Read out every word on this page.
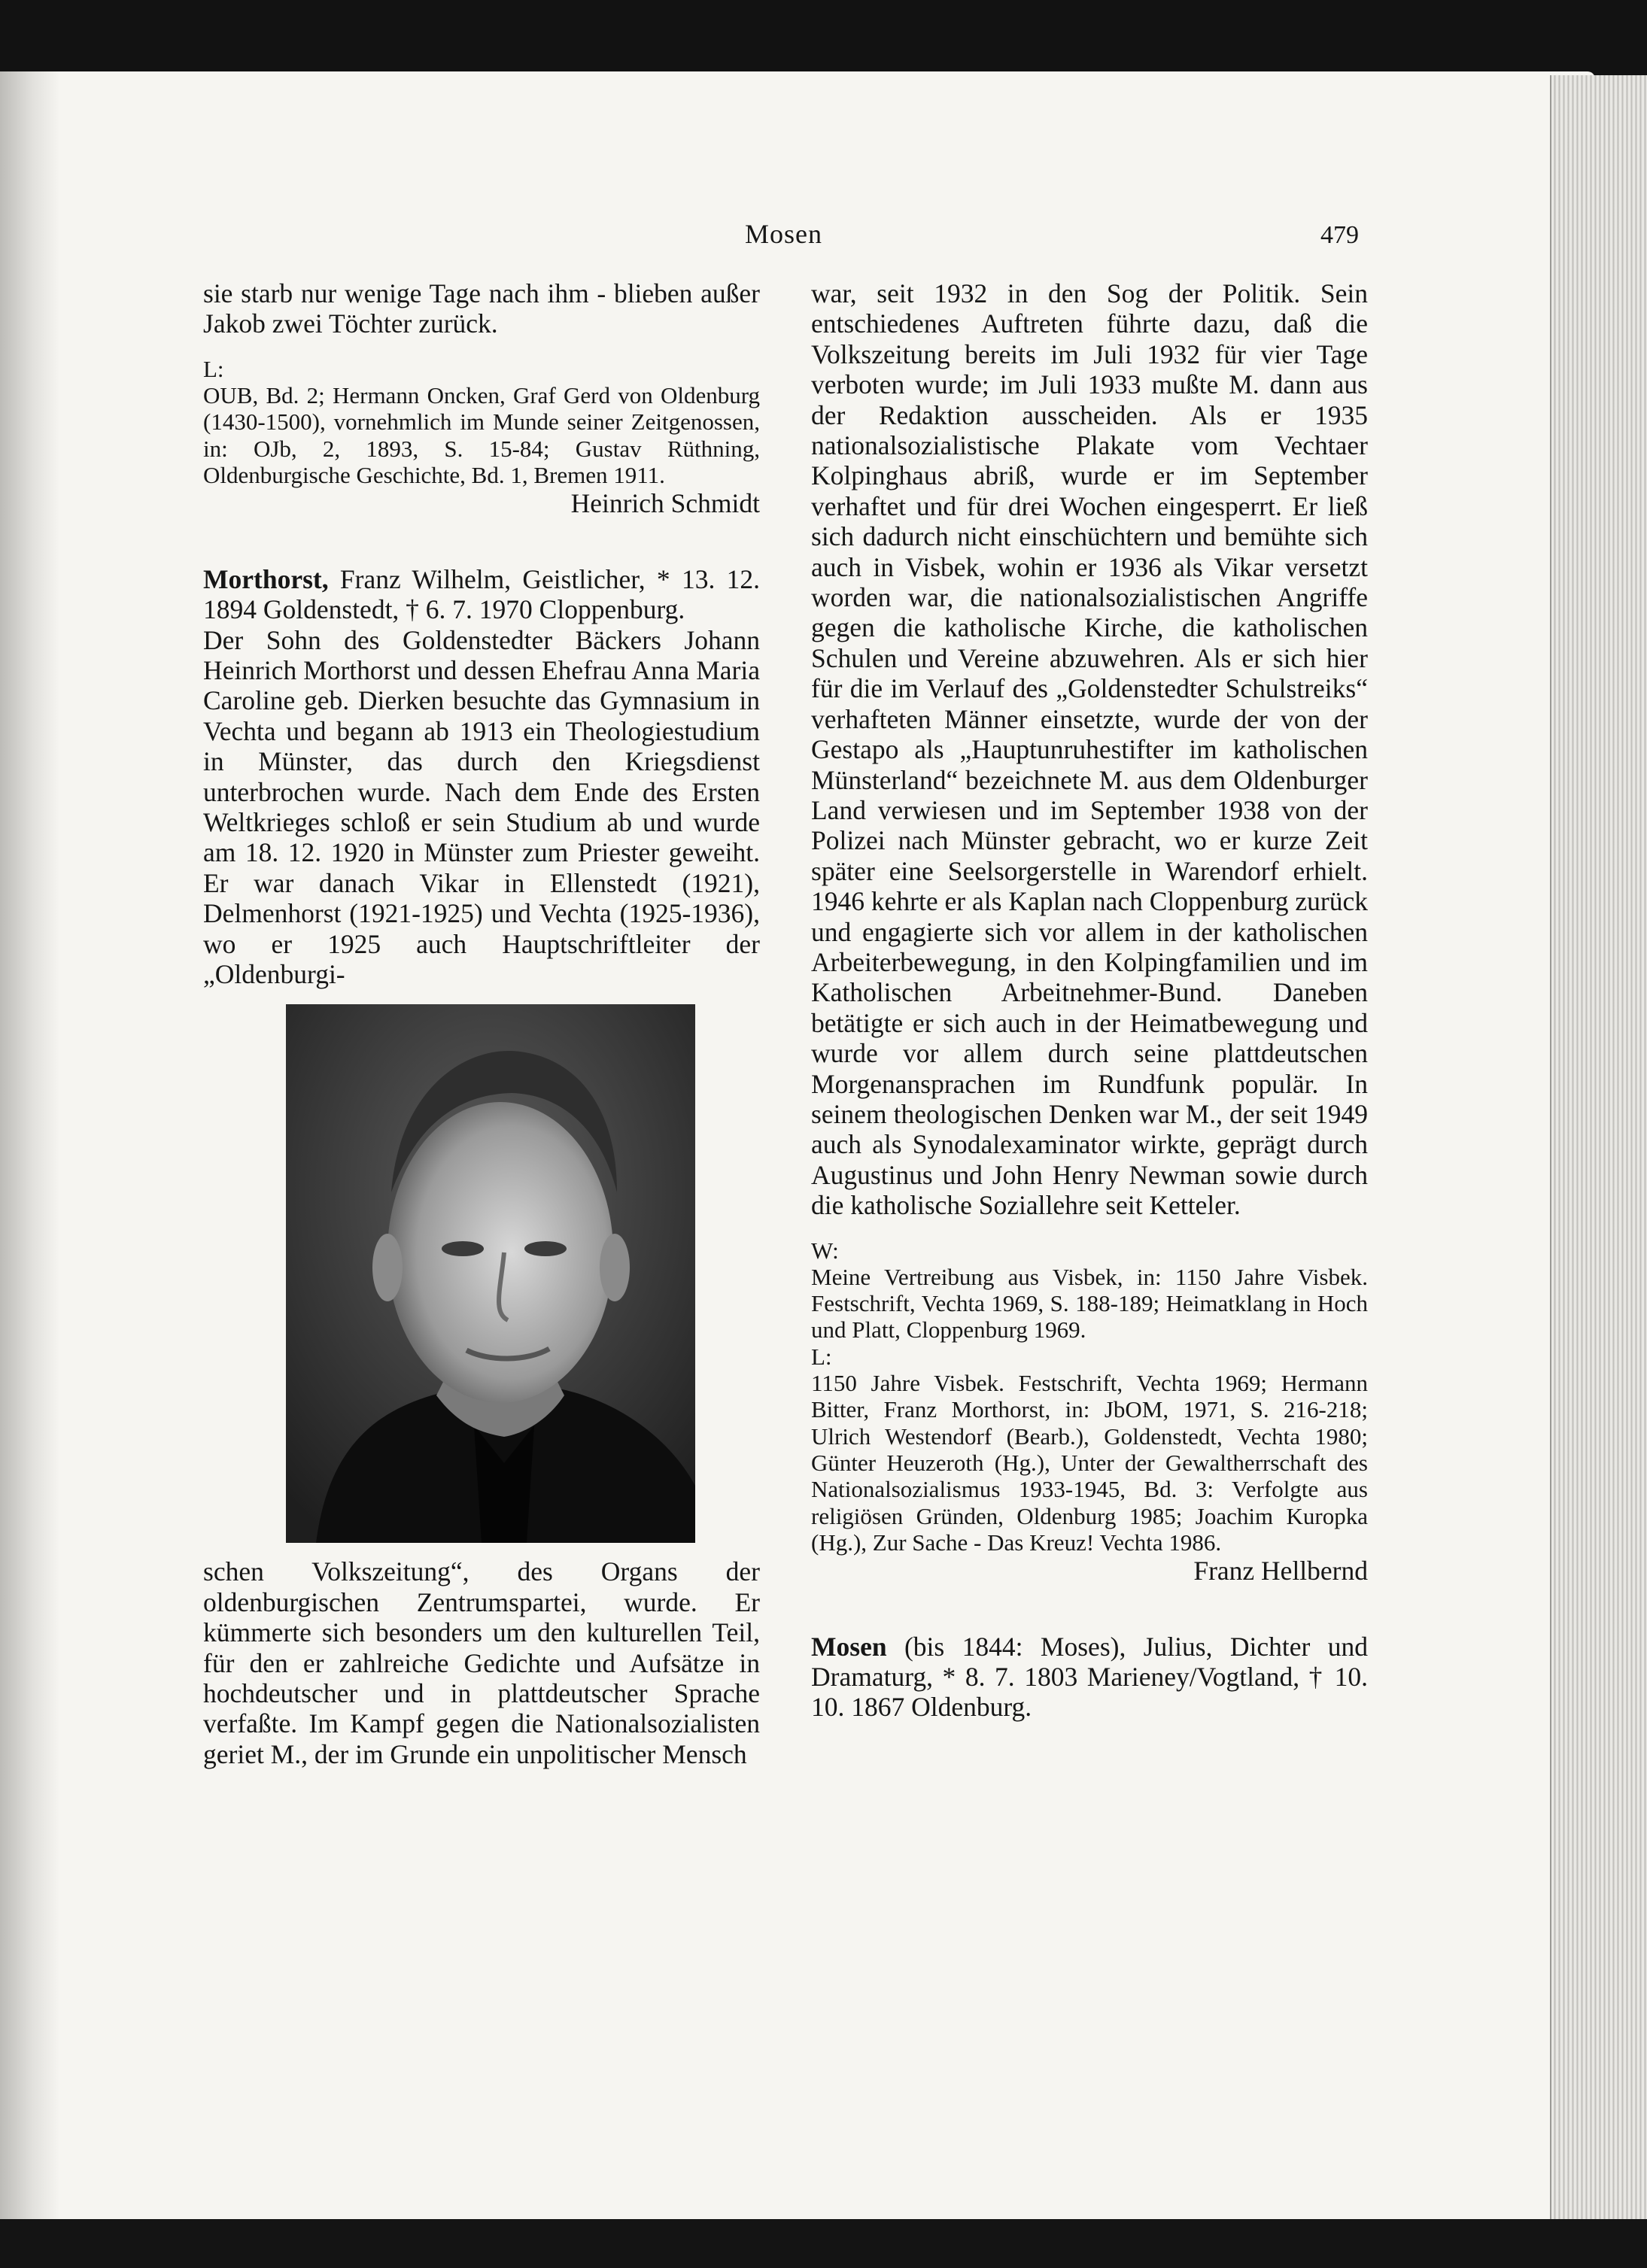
Mosen	479

sie starb nur wenige Tage nach ihm - blieben außer Jakob zwei Töchter zurück.

L:

OUB, Bd. 2; Hermann Oncken, Graf Gerd von Oldenburg (1430-1500), vornehmlich im Munde seiner Zeitgenossen, in: OJb, 2, 1893, S. 15-84; Gustav Rüthning, Oldenburgische Geschichte, Bd. 1, Bremen 1911.

Heinrich Schmidt

Morthorst, Franz Wilhelm, Geistlicher, * 13. 12. 1894 Goldenstedt, † 6. 7. 1970 Cloppenburg.

Der Sohn des Goldenstedter Bäckers Johann Heinrich Morthorst und dessen Ehefrau Anna Maria Caroline geb. Dierken besuchte das Gymnasium in Vechta und begann ab 1913 ein Theologiestudium in Münster, das durch den Kriegsdienst unterbrochen wurde. Nach dem Ende des Ersten Weltkrieges schloß er sein Studium ab und wurde am 18. 12. 1920 in Münster zum Priester geweiht. Er war danach Vikar in Ellenstedt (1921), Delmenhorst (1921-1925) und Vechta (1925-1936), wo er 1925 auch Hauptschriftleiter der „Oldenburgi-

schen Volkszeitung“, des Organs der oldenburgischen Zentrumspartei, wurde. Er kümmerte sich besonders um den kulturellen Teil, für den er zahlreiche Gedichte und Aufsätze in hochdeutscher und in plattdeutscher Sprache verfaßte. Im Kampf gegen die Nationalsozialisten geriet M., der im Grunde ein unpolitischer Mensch

war, seit 1932 in den Sog der Politik. Sein entschiedenes Auftreten führte dazu, daß die Volkszeitung bereits im Juli 1932 für vier Tage verboten wurde; im Juli 1933 mußte M. dann aus der Redaktion ausscheiden. Als er 1935 nationalsozialistische Plakate vom Vechtaer Kolpinghaus abriß, wurde er im September verhaftet und für drei Wochen eingesperrt. Er ließ sich dadurch nicht einschüchtern und bemühte sich auch in Visbek, wohin er 1936 als Vikar versetzt worden war, die nationalsozialistischen Angriffe gegen die katholische Kirche, die katholischen Schulen und Vereine abzuwehren. Als er sich hier für die im Verlauf des „Goldenstedter Schulstreiks“ verhafteten Männer einsetzte, wurde der von der Gestapo als „Hauptunruhestifter im katholischen Münsterland“ bezeichnete M. aus dem Oldenburger Land verwiesen und im September 1938 von der Polizei nach Münster gebracht, wo er kurze Zeit später eine Seelsorgerstelle in Warendorf erhielt. 1946 kehrte er als Kaplan nach Cloppenburg zurück und engagierte sich vor allem in der katholischen Arbeiterbewegung, in den Kolpingfamilien und im Katholischen Arbeitnehmer-Bund. Daneben betätigte er sich auch in der Heimatbewegung und wurde vor allem durch seine plattdeutschen Morgenansprachen im Rundfunk populär. In seinem theologischen Denken war M., der seit 1949 auch als Synodalexaminator wirkte, geprägt durch Augustinus und John Henry Newman sowie durch die katholische Soziallehre seit Ketteler.

W:

Meine Vertreibung aus Visbek, in: 1150 Jahre Visbek. Festschrift, Vechta 1969, S. 188-189; Heimatklang in Hoch und Platt, Cloppenburg 1969.

L:

1150 Jahre Visbek. Festschrift, Vechta 1969; Hermann Bitter, Franz Morthorst, in: JbOM, 1971, S. 216-218; Ulrich Westendorf (Bearb.), Goldenstedt, Vechta 1980; Günter Heuzeroth (Hg.), Unter der Gewaltherrschaft des Nationalsozialismus 1933-1945, Bd. 3: Verfolgte aus religiösen Gründen, Oldenburg 1985; Joachim Kuropka (Hg.), Zur Sache - Das Kreuz! Vechta 1986.

Franz Hellbernd

Mosen (bis 1844: Moses), Julius, Dichter und Dramaturg, * 8. 7. 1803 Marieney/Vogtland, † 10. 10. 1867 Oldenburg.
